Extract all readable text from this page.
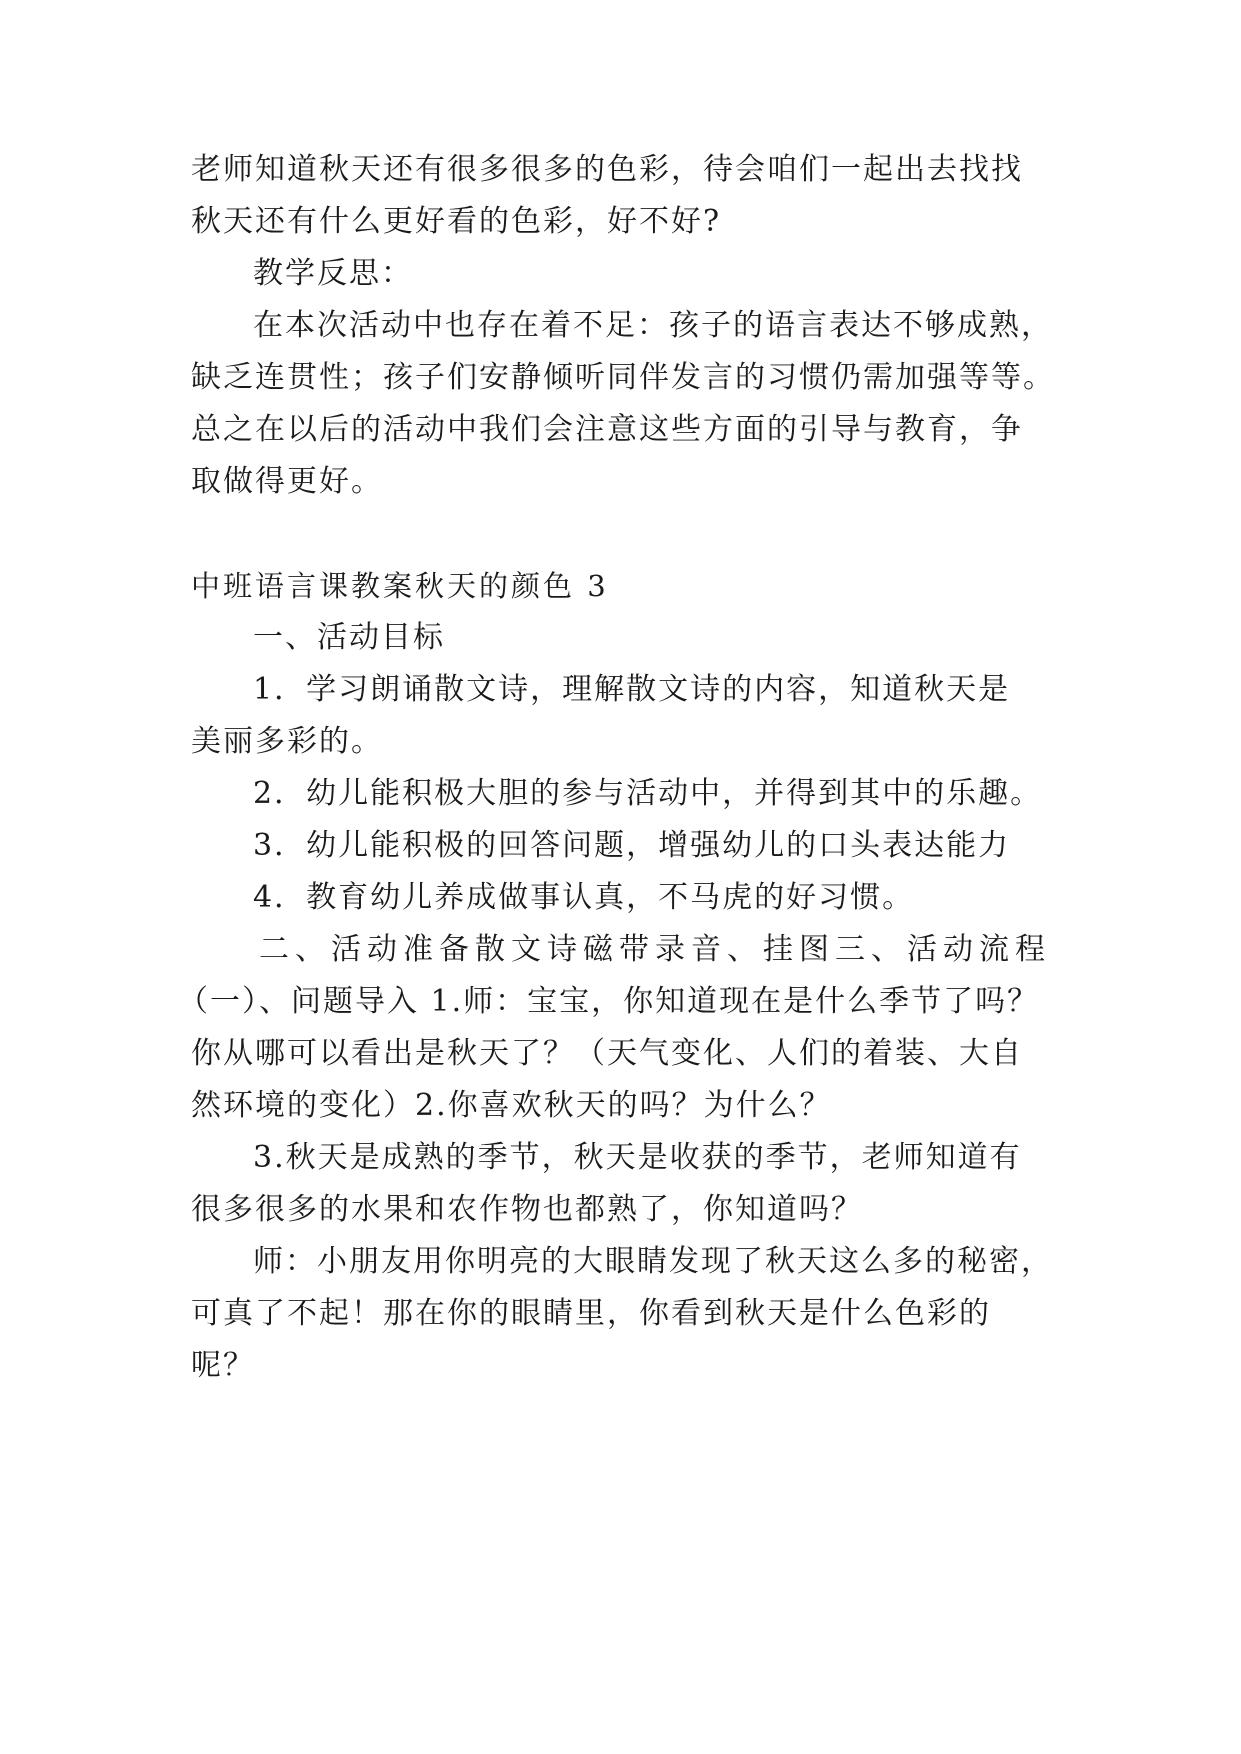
老师知道秋天还有很多很多的色彩，待会咱们一起出去找找
秋天还有什么更好看的色彩，好不好?
教学反思：
在本次活动中也存在着不足：孩子的语言表达不够成熟，
缺乏连贯性；孩子们安静倾听同伴发言的习惯仍需加强等等。
总之在以后的活动中我们会注意这些方面的引导与教育，争
取做得更好。
中班语言课教案秋天的颜色 3
一、活动目标
1．学习朗诵散文诗，理解散文诗的内容，知道秋天是
美丽多彩的。
2．幼儿能积极大胆的参与活动中，并得到其中的乐趣。
3．幼儿能积极的回答问题，增强幼儿的口头表达能力
4．教育幼儿养成做事认真，不马虎的好习惯。
二、活动准备散文诗磁带录音、挂图三、活动流程
（一）、问题导入 1.师：宝宝，你知道现在是什么季节了吗？
你从哪可以看出是秋天了？（天气变化、人们的着装、大自
然环境的变化）2.你喜欢秋天的吗？为什么？
3.秋天是成熟的季节，秋天是收获的季节，老师知道有
很多很多的水果和农作物也都熟了，你知道吗？
师：小朋友用你明亮的大眼睛发现了秋天这么多的秘密，
可真了不起！那在你的眼睛里，你看到秋天是什么色彩的
呢？
